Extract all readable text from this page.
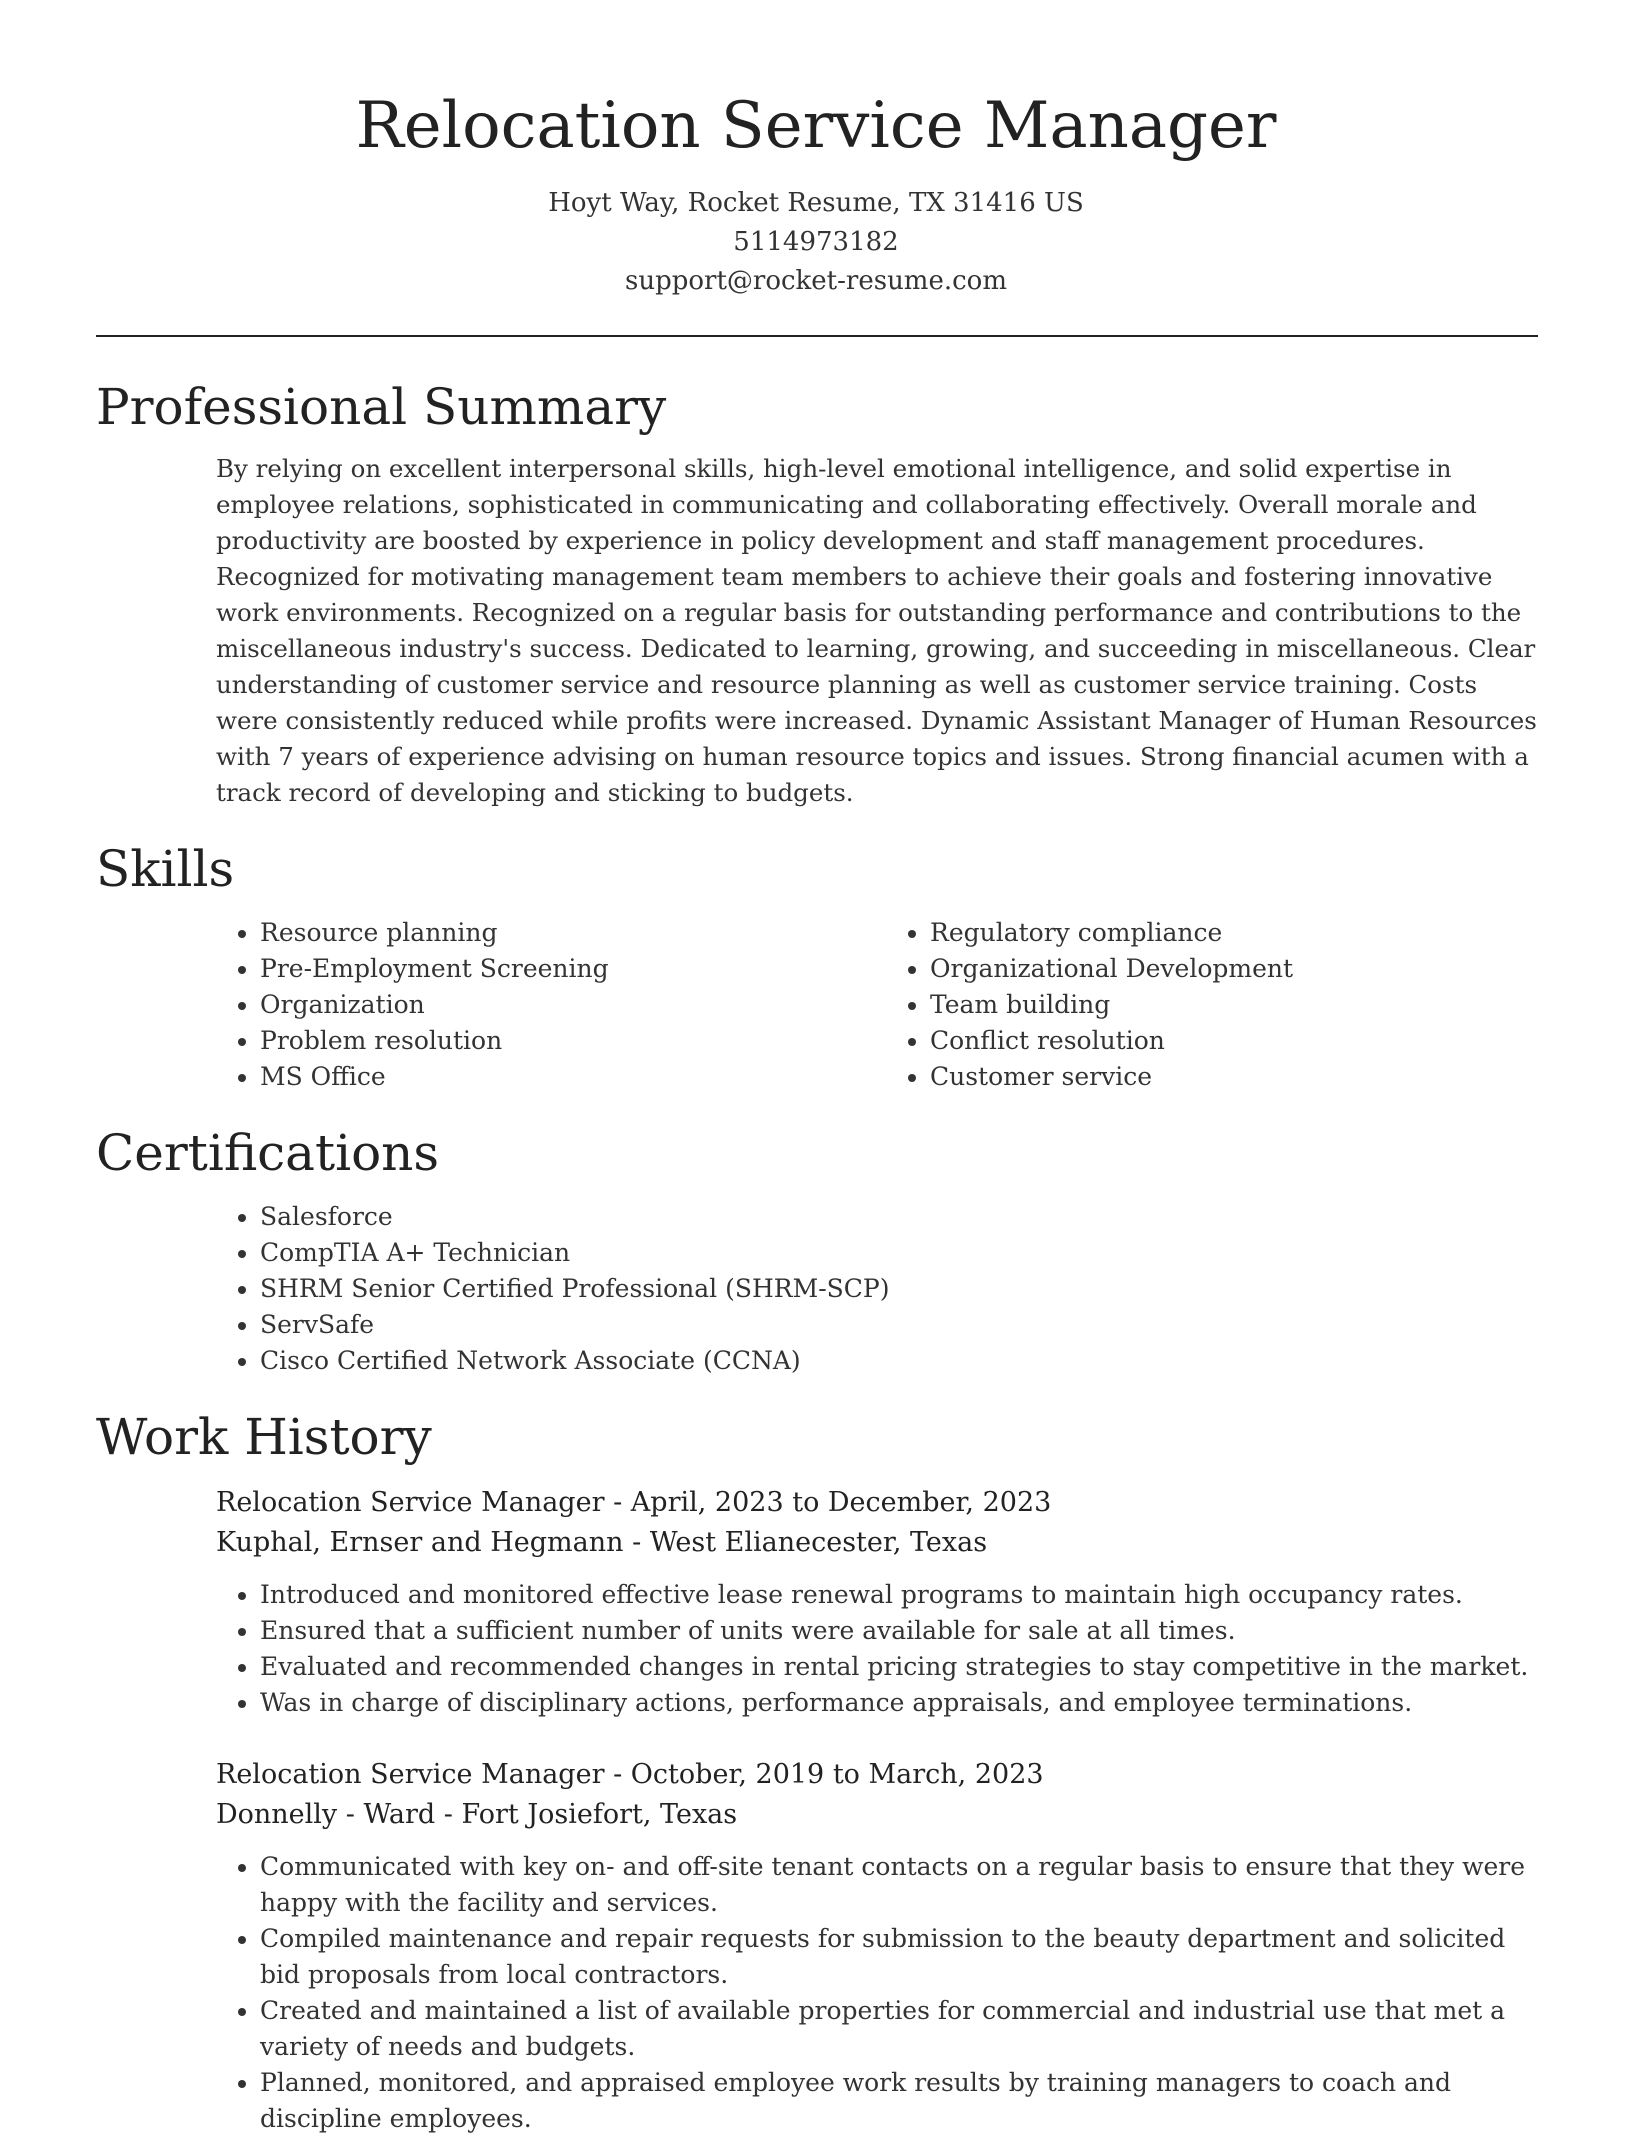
Relocation Service Manager
Hoyt Way, Rocket Resume, TX 31416 US
5114973182
support@rocket-resume.com
Professional Summary

By relying on excellent interpersonal skills, high-level emotional intelligence, and solid expertise in employee relations, sophisticated in communicating and collaborating effectively. Overall morale and productivity are boosted by experience in policy development and staff management procedures. Recognized for motivating management team members to achieve their goals and fostering innovative work environments. Recognized on a regular basis for outstanding performance and contributions to the miscellaneous industry's success. Dedicated to learning, growing, and succeeding in miscellaneous. Clear understanding of customer service and resource planning as well as customer service training. Costs were consistently reduced while profits were increased. Dynamic Assistant Manager of Human Resources with 7 years of experience advising on human resource topics and issues. Strong financial acumen with a track record of developing and sticking to budgets.

Skills
• Resource planning
• Pre-Employment Screening
• Organization
• Problem resolution
• MS Office
• Regulatory compliance
• Organizational Development
• Team building
• Conflict resolution
• Customer service
Certifications
• Salesforce
• CompTIA A+ Technician
• SHRM Senior Certified Professional (SHRM-SCP)
• ServSafe
• Cisco Certified Network Associate (CCNA)
Work History
Relocation Service Manager - April, 2023 to December, 2023
Kuphal, Ernser and Hegmann - West Elianecester, Texas
• Introduced and monitored effective lease renewal programs to maintain high occupancy rates.
• Ensured that a sufficient number of units were available for sale at all times.
• Evaluated and recommended changes in rental pricing strategies to stay competitive in the market.
• Was in charge of disciplinary actions, performance appraisals, and employee terminations.
Relocation Service Manager - October, 2019 to March, 2023
Donnelly - Ward - Fort Josiefort, Texas
• Communicated with key on- and off-site tenant contacts on a regular basis to ensure that they were happy with the facility and services.
• Compiled maintenance and repair requests for submission to the beauty department and solicited bid proposals from local contractors.
• Created and maintained a list of available properties for commercial and industrial use that met a variety of needs and budgets.
• Planned, monitored, and appraised employee work results by training managers to coach and discipline employees.
